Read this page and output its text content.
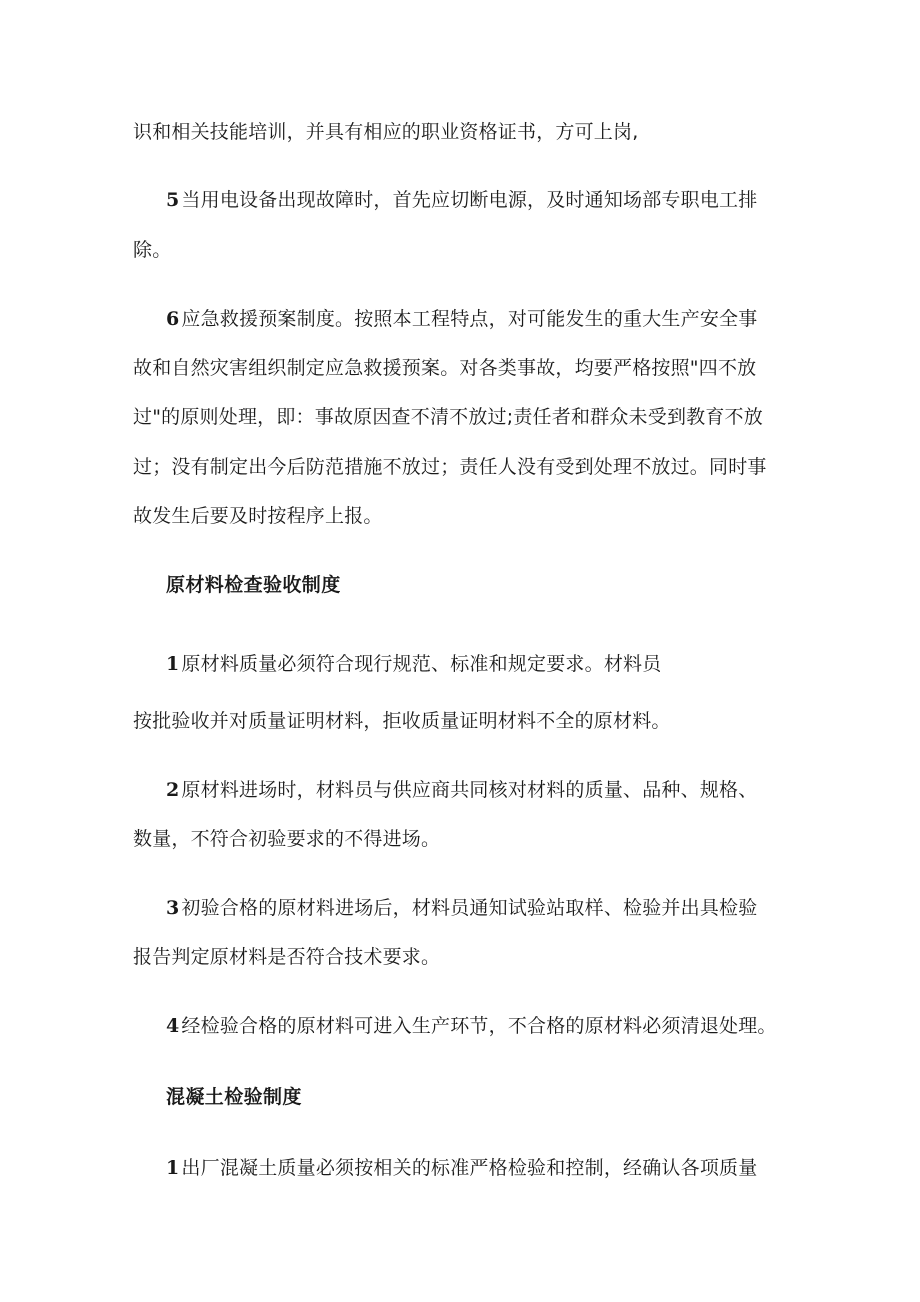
识和相关技能培训，并具有相应的职业资格证书，方可上岗,
5 当用电设备出现故障时，首先应切断电源，及时通知场部专职电工排
除。
6 应急救援预案制度。按照本工程特点，对可能发生的重大生产安全事
故和自然灾害组织制定应急救援预案。对各类事故，均要严格按照"四不放
过"的原则处理，即：事故原因查不清不放过;责任者和群众未受到教育不放
过；没有制定出今后防范措施不放过；责任人没有受到处理不放过。同时事
故发生后要及时按程序上报。
原材料检查验收制度
1 原材料质量必须符合现行规范、标准和规定要求。材料员
按批验收并对质量证明材料，拒收质量证明材料不全的原材料。
2 原材料进场时，材料员与供应商共同核对材料的质量、品种、规格、
数量，不符合初验要求的不得进场。
3 初验合格的原材料进场后，材料员通知试验站取样、检验并出具检验
报告判定原材料是否符合技术要求。
4 经检验合格的原材料可进入生产环节，不合格的原材料必须清退处理。
混凝土检验制度
1 出厂混凝土质量必须按相关的标准严格检验和控制，经确认各项质量
